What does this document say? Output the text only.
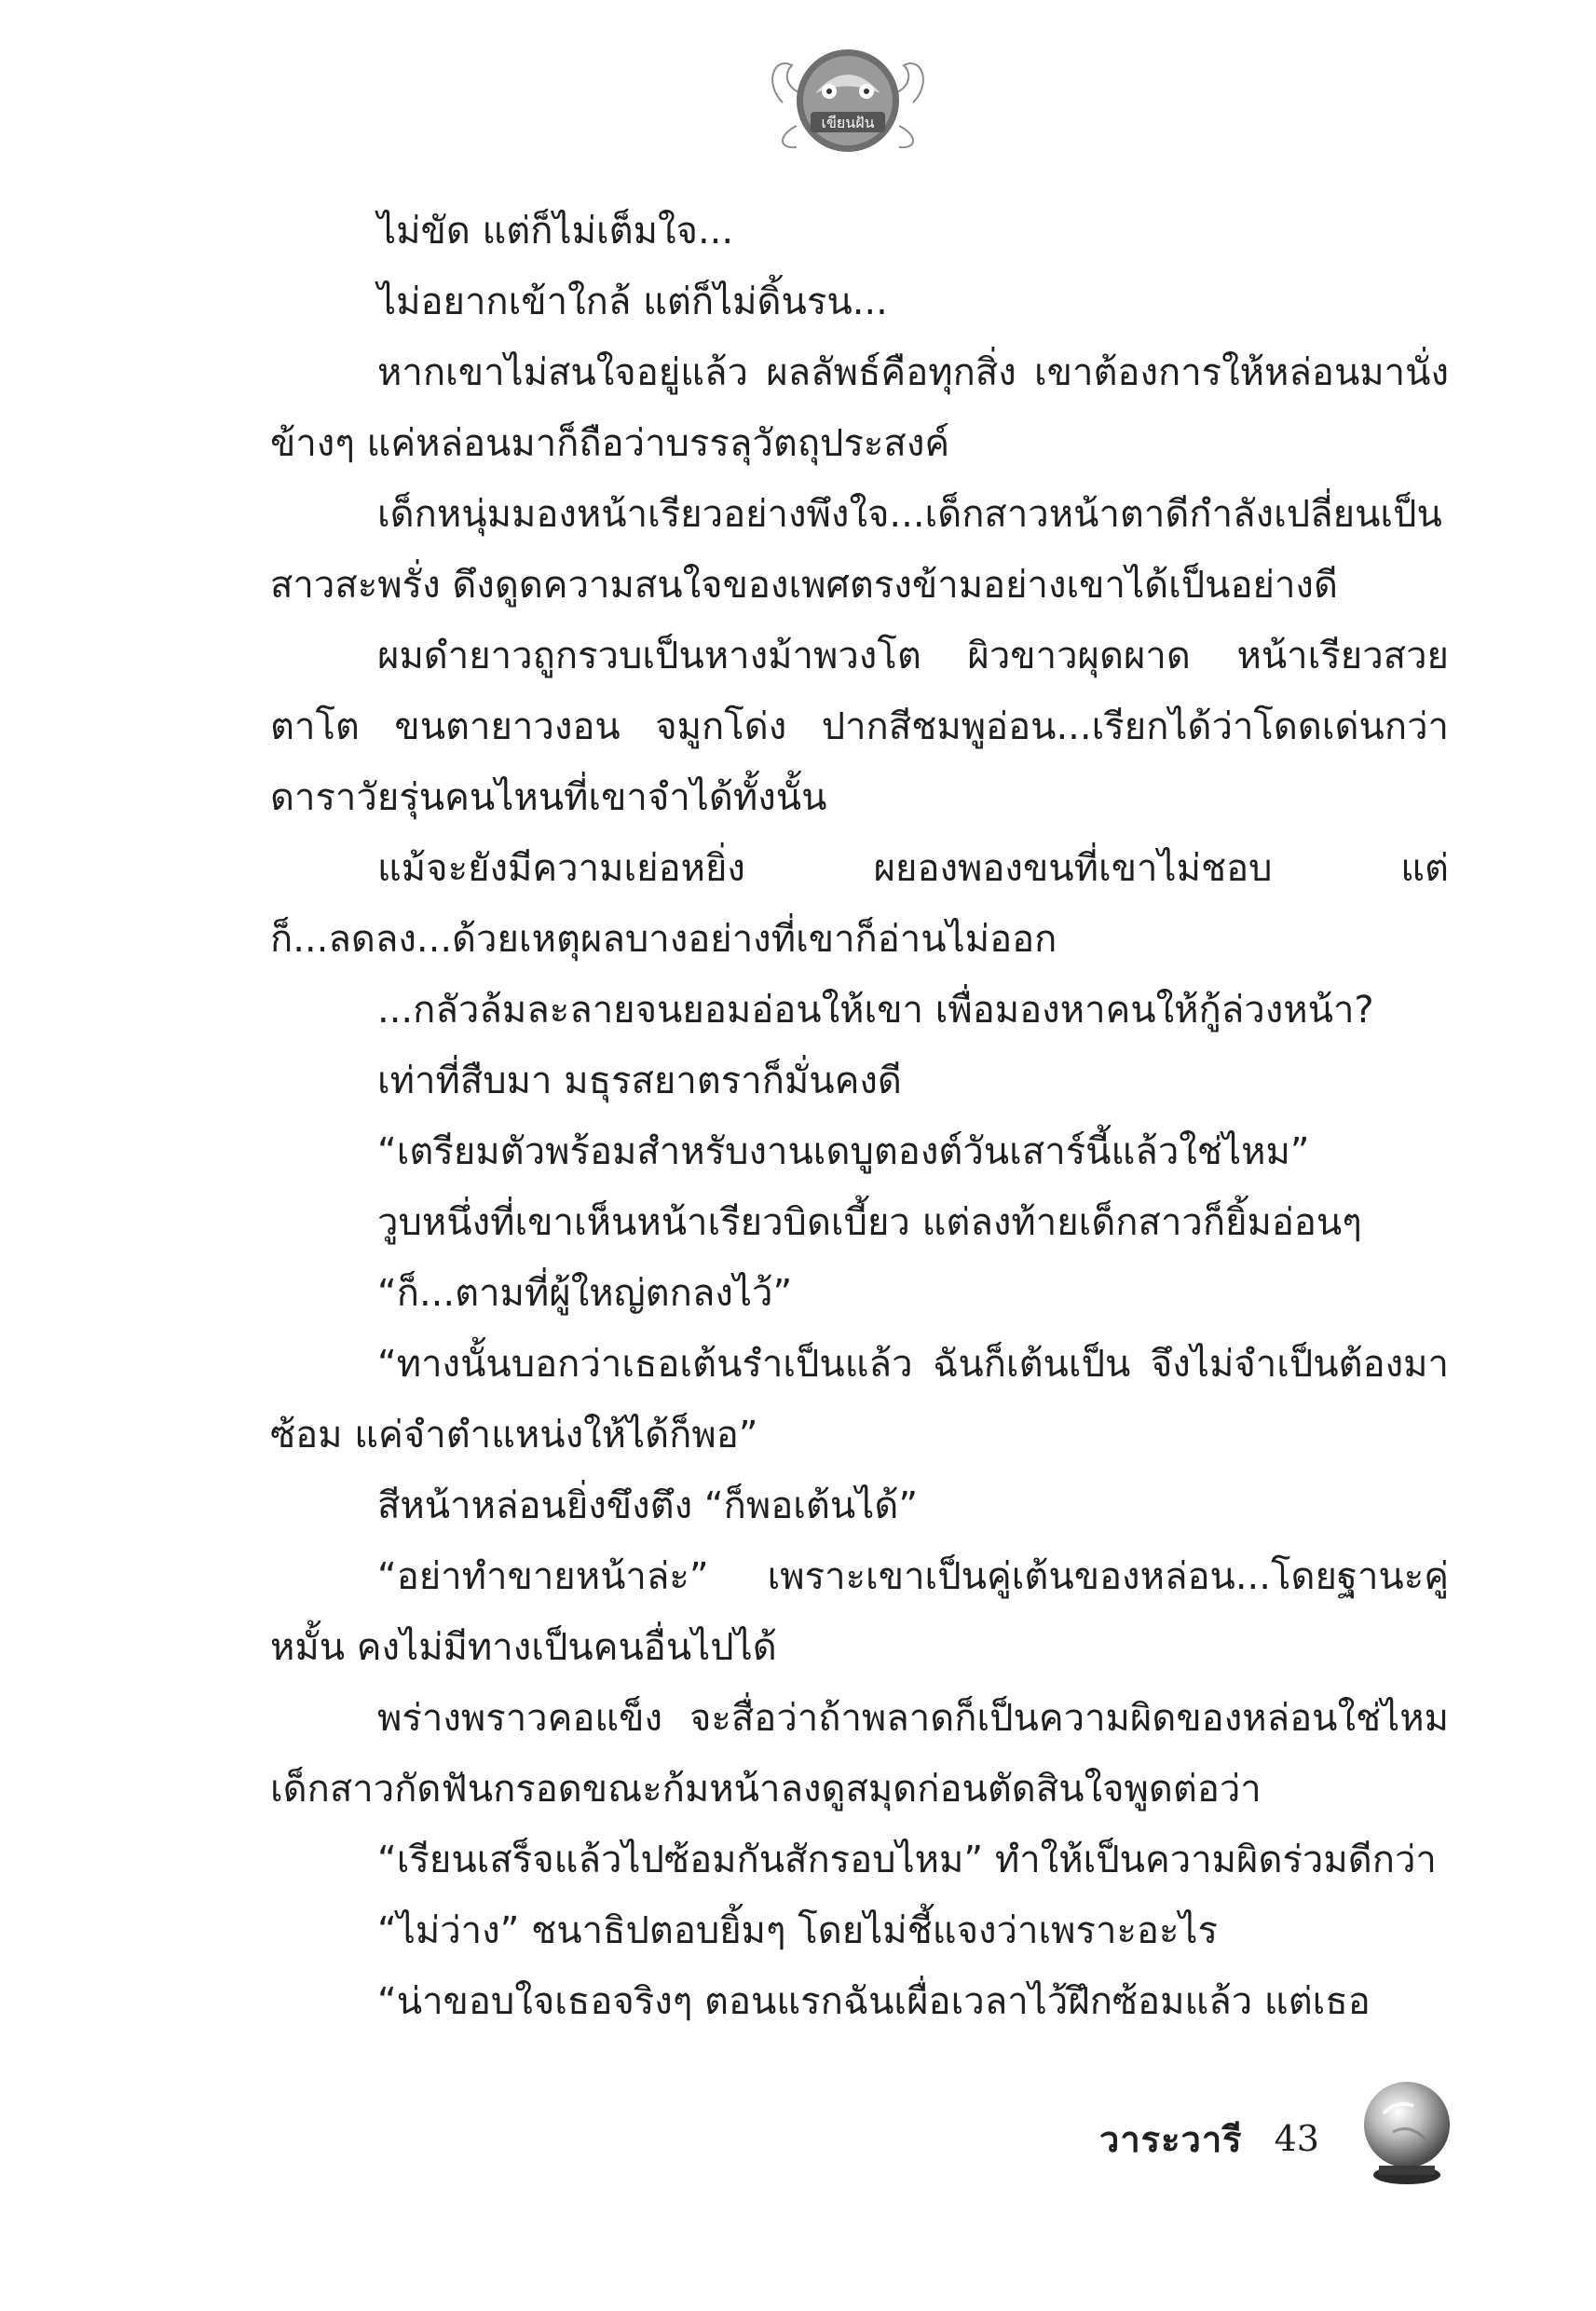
เขียนฝัน

ไม่ขัด แต่ก็ไม่เต็มใจ...

ไม่อยากเข้าใกล้ แต่ก็ไม่ดิ้นรน...

หากเขาไม่สนใจอยู่แล้ว ผลลัพธ์คือทุกสิ่ง เขาต้องการให้หล่อนมานั่งข้างๆ แค่หล่อนมาก็ถือว่าบรรลุวัตถุประสงค์

เด็กหนุ่มมองหน้าเรียวอย่างพึงใจ...เด็กสาวหน้าตาดีกำลังเปลี่ยนเป็นสาวสะพรั่ง ดึงดูดความสนใจของเพศตรงข้ามอย่างเขาได้เป็นอย่างดี

ผมดำยาวถูกรวบเป็นหางม้าพวงโต ผิวขาวผุดผาด หน้าเรียวสวยตาโต ขนตายาวงอน จมูกโด่ง ปากสีชมพูอ่อน...เรียกได้ว่าโดดเด่นกว่าดาราวัยรุ่นคนไหนที่เขาจำได้ทั้งนั้น

แม้จะยังมีความเย่อหยิ่ง ผยองพองขนที่เขาไม่ชอบ แต่ก็...ลดลง...ด้วยเหตุผลบางอย่างที่เขาก็อ่านไม่ออก

...กลัวล้มละลายจนยอมอ่อนให้เขา เพื่อมองหาคนให้กู้ล่วงหน้า?

เท่าที่สืบมา มธุรสยาตราก็มั่นคงดี

“เตรียมตัวพร้อมสำหรับงานเดบูตองต์วันเสาร์นี้แล้วใช่ไหม”

วูบหนึ่งที่เขาเห็นหน้าเรียวบิดเบี้ยว แต่ลงท้ายเด็กสาวก็ยิ้มอ่อนๆ

“ก็...ตามที่ผู้ใหญ่ตกลงไว้”

“ทางนั้นบอกว่าเธอเต้นรำเป็นแล้ว ฉันก็เต้นเป็น จึงไม่จำเป็นต้องมาซ้อม แค่จำตำแหน่งให้ได้ก็พอ”

สีหน้าหล่อนยิ่งขึงตึง “ก็พอเต้นได้”

“อย่าทำขายหน้าล่ะ” เพราะเขาเป็นคู่เต้นของหล่อน...โดยฐานะคู่หมั้น คงไม่มีทางเป็นคนอื่นไปได้

พร่างพราวคอแข็ง จะสื่อว่าถ้าพลาดก็เป็นความผิดของหล่อนใช่ไหม เด็กสาวกัดฟันกรอดขณะก้มหน้าลงดูสมุดก่อนตัดสินใจพูดต่อว่า

“เรียนเสร็จแล้วไปซ้อมกันสักรอบไหม” ทำให้เป็นความผิดร่วมดีกว่า

“ไม่ว่าง” ชนาธิปตอบยิ้มๆ โดยไม่ชี้แจงว่าเพราะอะไร

“น่าขอบใจเธอจริงๆ ตอนแรกฉันเผื่อเวลาไว้ฝึกซ้อมแล้ว แต่เธอ

วาระวารี 43
